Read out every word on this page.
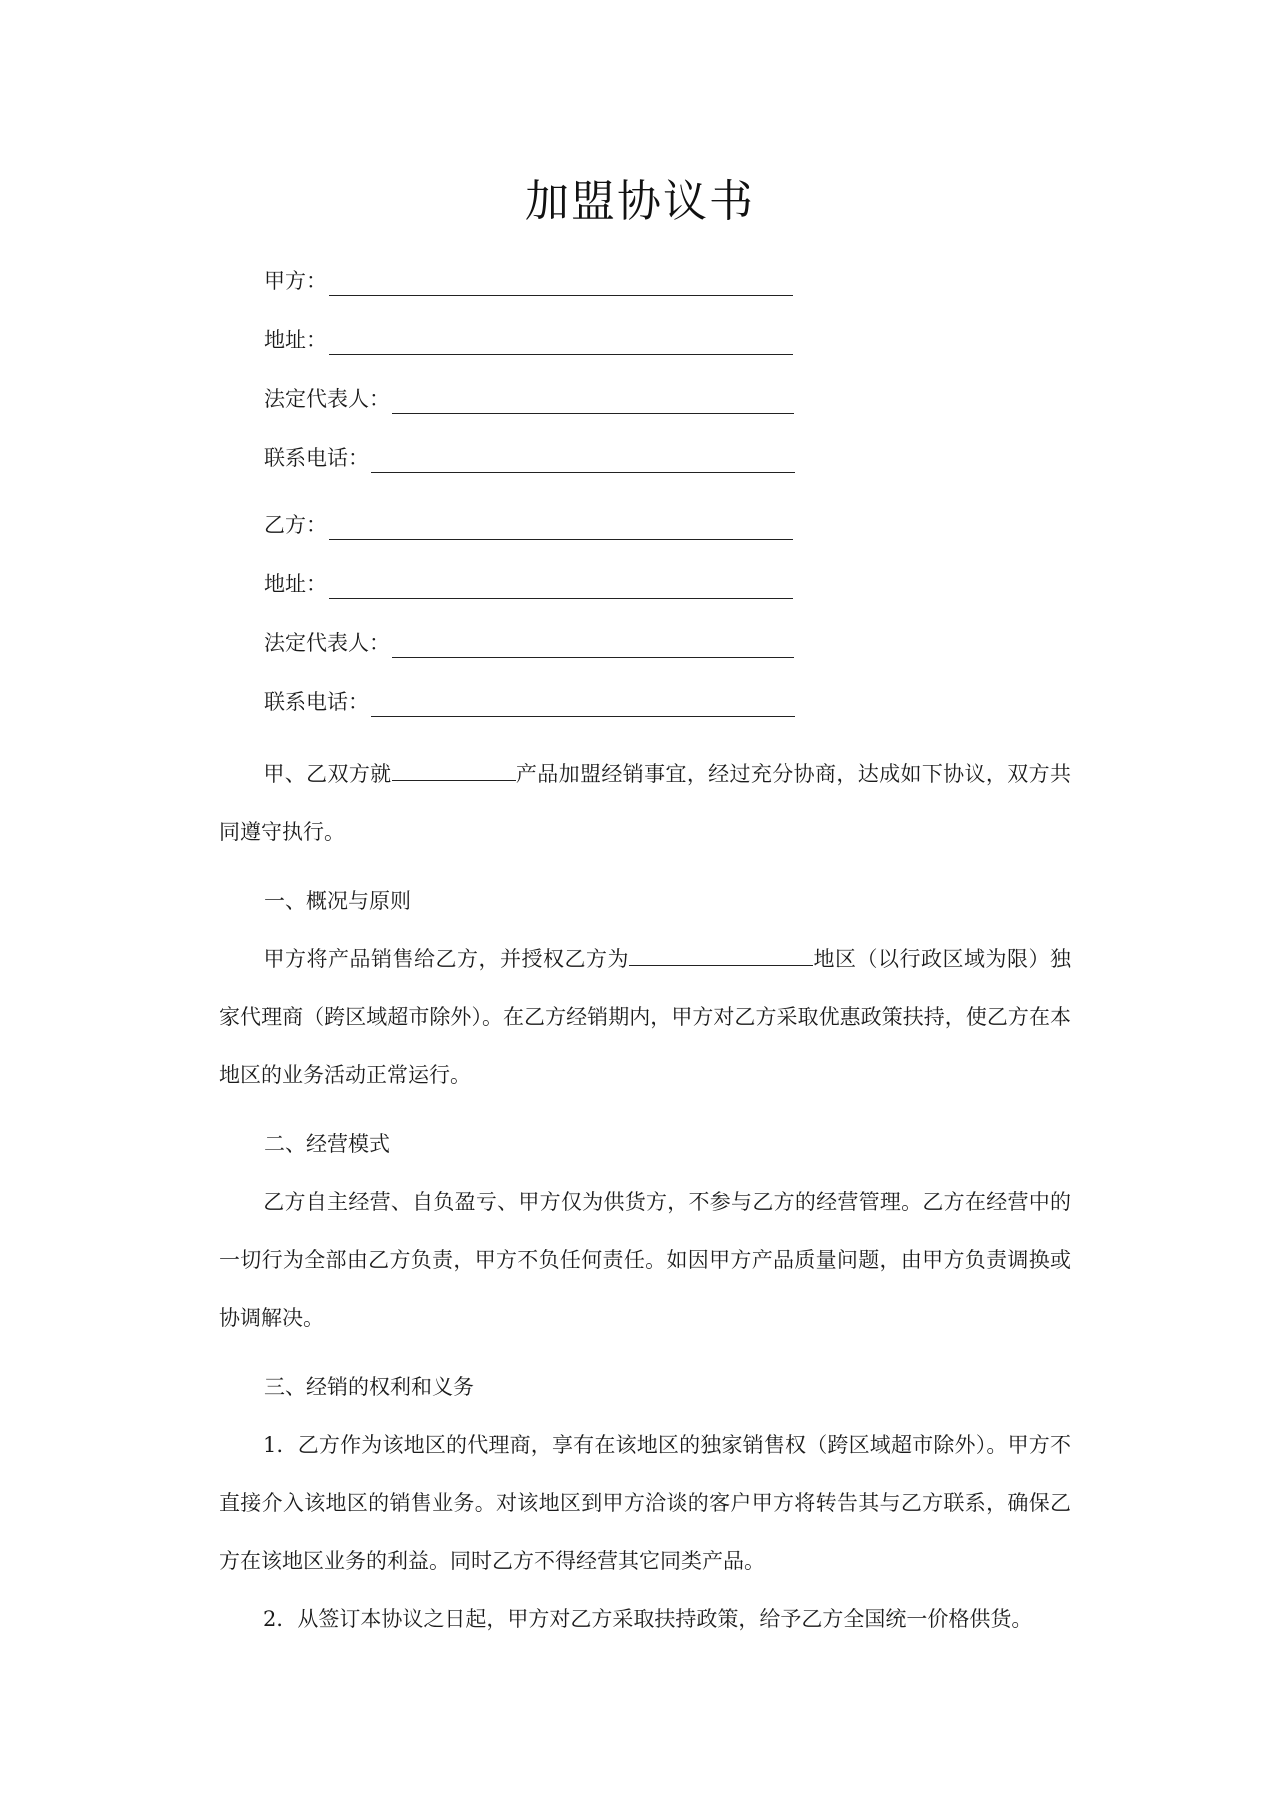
加盟协议书
甲方：
地址：
法定代表人：
联系电话：
乙方：
地址：
法定代表人：
联系电话：
甲、乙双方就	产品加盟经销事宜，经过充分协商，达成如下协议，双方共同遵守执行。
一、概况与原则
甲方将产品销售给乙方，并授权乙方为	地区（以行政区域为限）独家代理商（跨区域超市除外）。在乙方经销期内，甲方对乙方采取优惠政策扶持，使乙方在本地区的业务活动正常运行。
二、经营模式
乙方自主经营、自负盈亏、甲方仅为供货方，不参与乙方的经营管理。乙方在经营中的一切行为全部由乙方负责，甲方不负任何责任。如因甲方产品质量问题，由甲方负责调换或协调解决。
三、经销的权利和义务
1．乙方作为该地区的代理商，享有在该地区的独家销售权（跨区域超市除外）。甲方不直接介入该地区的销售业务。对该地区到甲方洽谈的客户甲方将转告其与乙方联系，确保乙方在该地区业务的利益。同时乙方不得经营其它同类产品。
2．从签订本协议之日起，甲方对乙方采取扶持政策，给予乙方全国统一价格供货。
